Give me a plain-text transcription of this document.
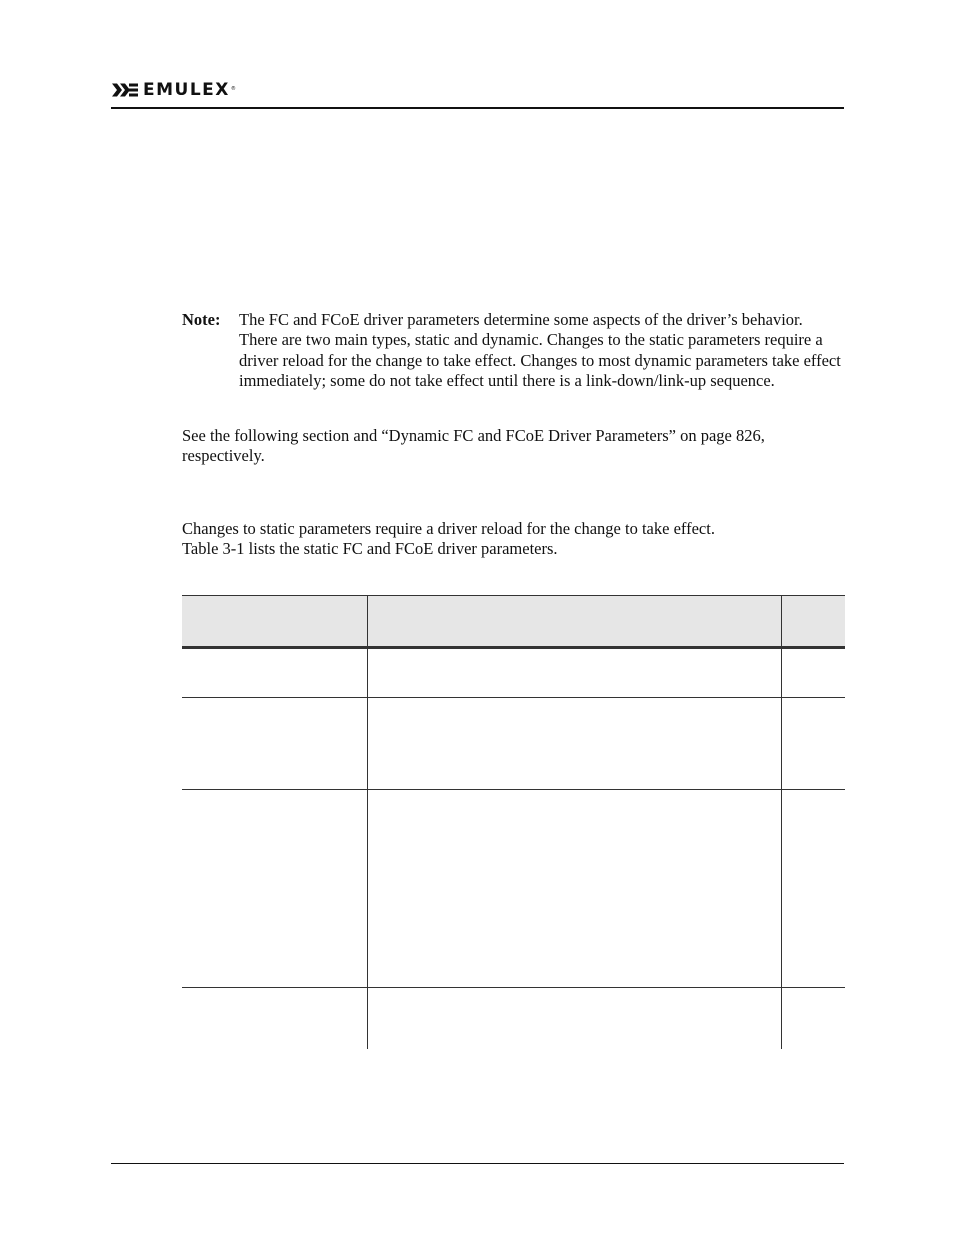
EMULEX ®
Note: The FC and FCoE driver parameters determine some aspects of the driver’s behavior. There are two main types, static and dynamic. Changes to the static parameters require a driver reload for the change to take effect. Changes to most dynamic parameters take effect immediately; some do not take effect until there is a link-down/link-up sequence.
See the following section and “Dynamic FC and FCoE Driver Parameters” on page 826, respectively.
Changes to static parameters require a driver reload for the change to take effect.
Table 3-1 lists the static FC and FCoE driver parameters.
